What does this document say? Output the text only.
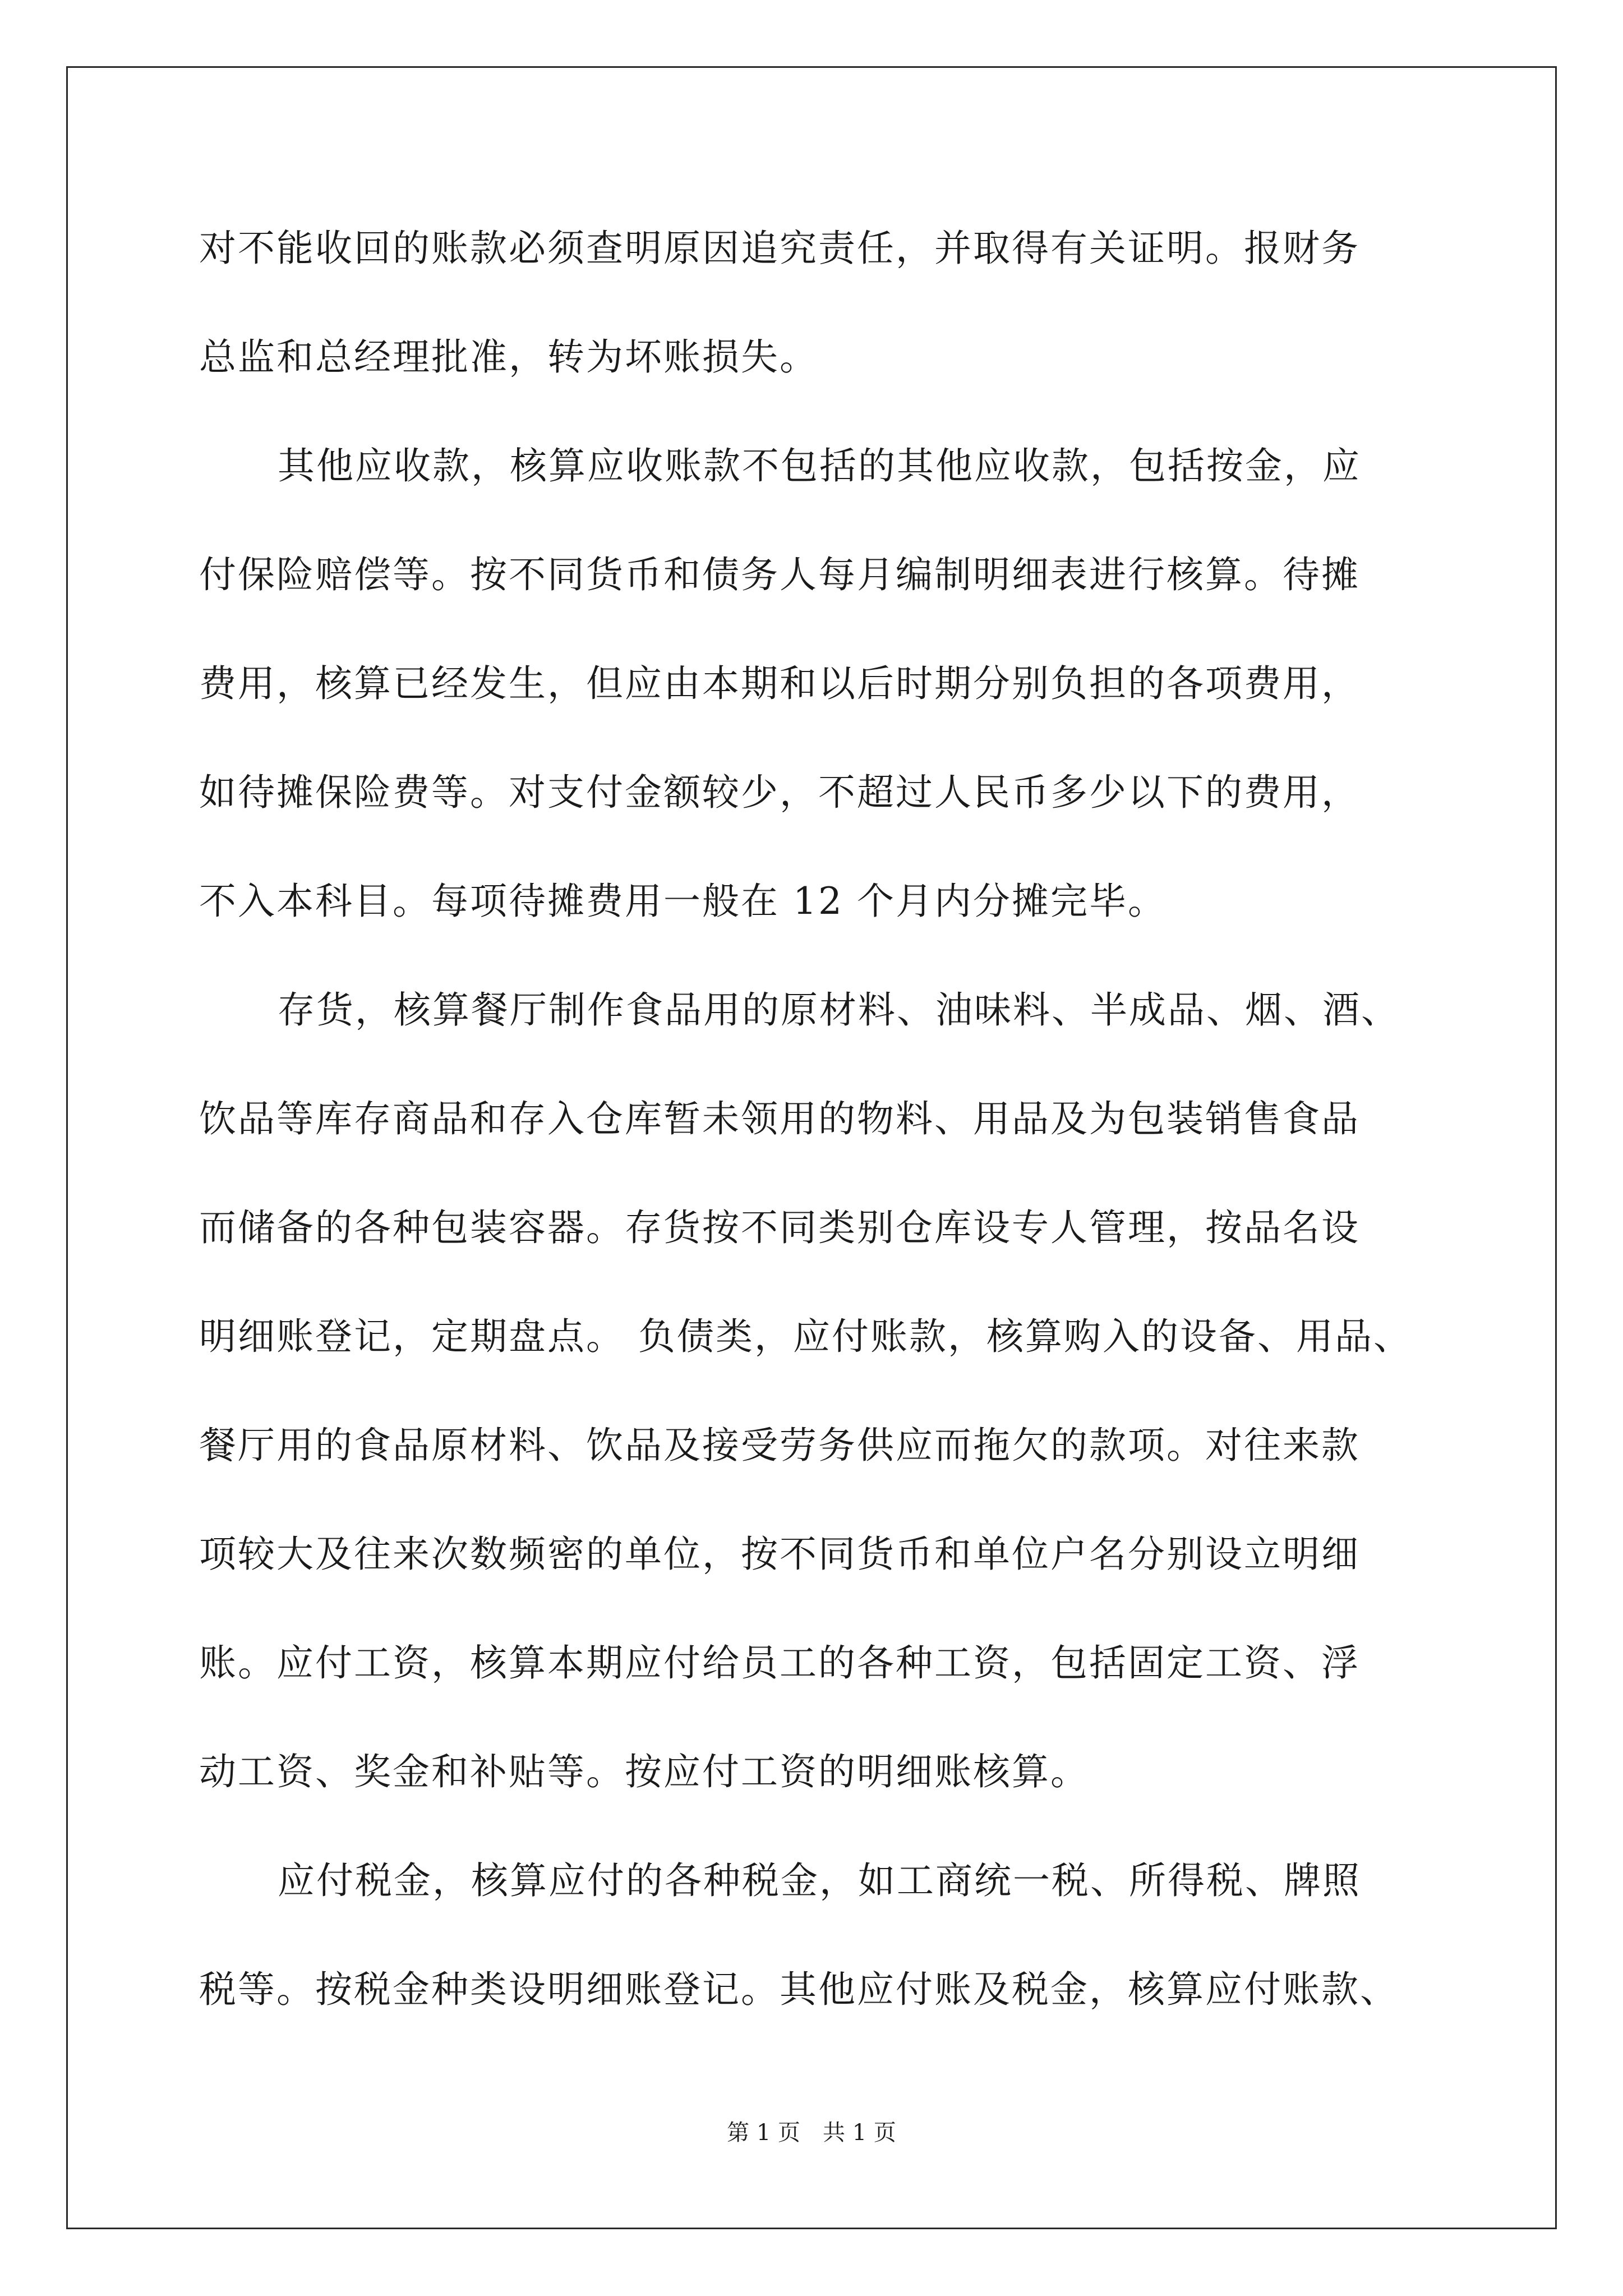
对不能收回的账款必须查明原因追究责任，并取得有关证明。报财务
总监和总经理批准，转为坏账损失。
其他应收款，核算应收账款不包括的其他应收款，包括按金，应
付保险赔偿等。按不同货币和债务人每月编制明细表进行核算。待摊
费用，核算已经发生，但应由本期和以后时期分别负担的各项费用，
如待摊保险费等。对支付金额较少，不超过人民币多少以下的费用，
不入本科目。每项待摊费用一般在 12 个月内分摊完毕。
存货，核算餐厅制作食品用的原材料、油味料、半成品、烟、酒、
饮品等库存商品和存入仓库暂未领用的物料、用品及为包装销售食品
而储备的各种包装容器。存货按不同类别仓库设专人管理，按品名设
明细账登记，定期盘点。 负债类，应付账款，核算购入的设备、用品、
餐厅用的食品原材料、饮品及接受劳务供应而拖欠的款项。对往来款
项较大及往来次数频密的单位，按不同货币和单位户名分别设立明细
账。应付工资，核算本期应付给员工的各种工资，包括固定工资、浮
动工资、奖金和补贴等。按应付工资的明细账核算。
应付税金，核算应付的各种税金，如工商统一税、所得税、牌照
税等。按税金种类设明细账登记。其他应付账及税金，核算应付账款、
第 1 页 共 1 页
